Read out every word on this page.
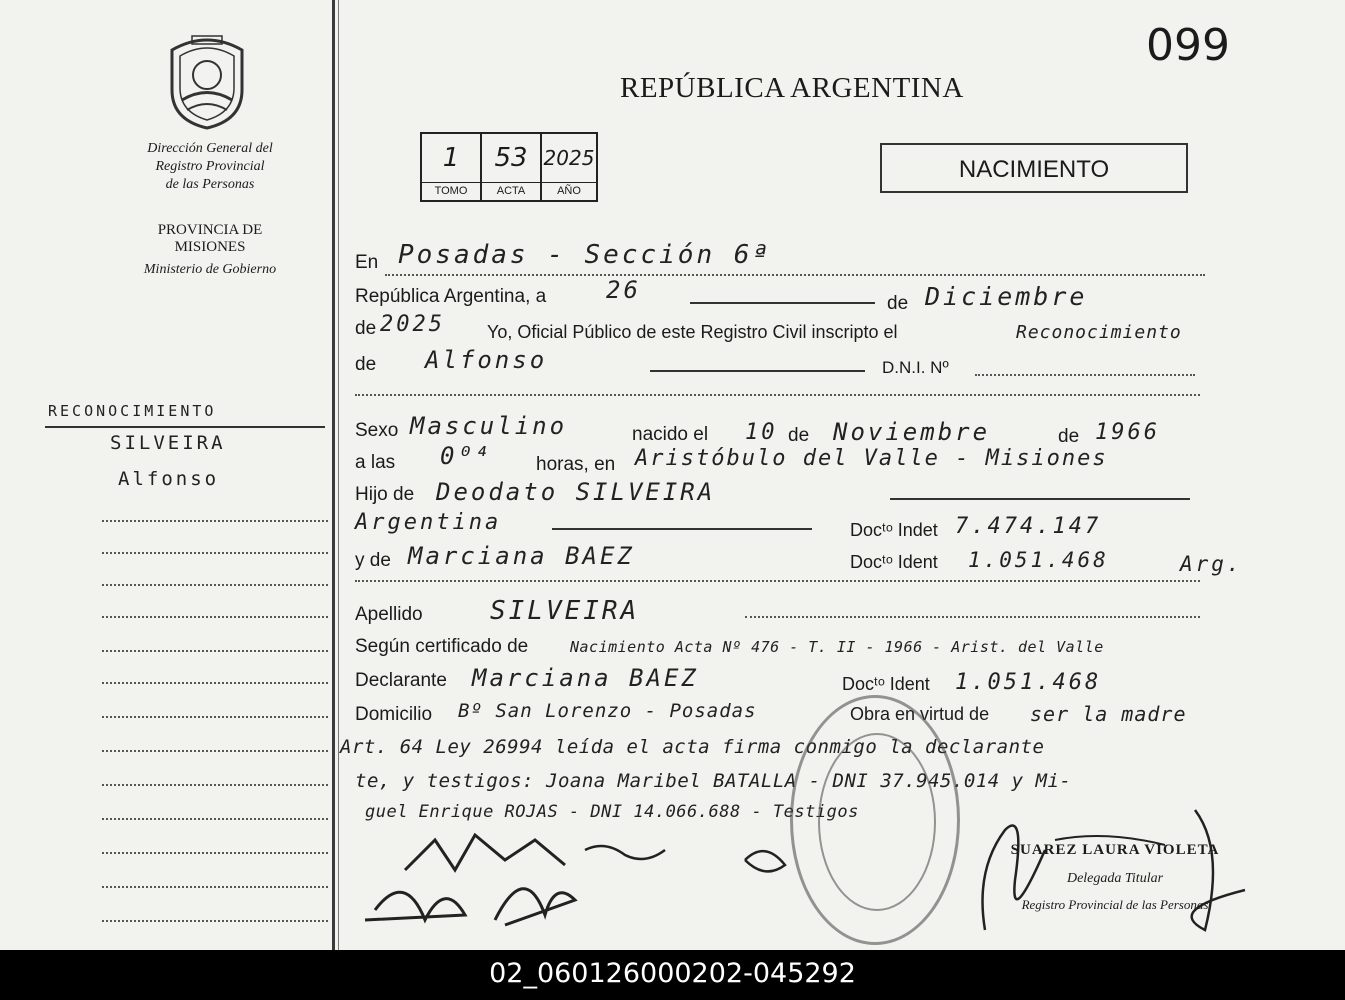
099
REPÚBLICA ARGENTINA
NACIMIENTO
1
TOMO
53
ACTA
2025
AÑO
Dirección General del
Registro Provincial
de las Personas
PROVINCIA DE
MISIONES
Ministerio de Gobierno
RECONOCIMIENTO
SILVEIRA
Alfonso
En Posadas - Sección 6ª
República Argentina, a 26	de Diciembre
de 2025 Yo, Oficial Público de este Registro Civil inscripto el	Reconocimiento
de Alfonso	D.N.I. Nº
Sexo Masculino	nacido el 10 de Noviembre	de 1966
a las 0⁰⁴ horas, en Aristóbulo del Valle - Misiones
Hijo de Deodato SILVEIRA
Argentina	Docᵗᵒ Indet 7.474.147
y de Marciana BAEZ	Docᵗᵒ Ident 1.051.468	Arg.
Apellido	SILVEIRA
Según certificado de	Nacimiento Acta Nº 476 - T. II - 1966 - Arist. del Valle
Declarante Marciana BAEZ	Docᵗᵒ Ident 1.051.468
Domicilio Bº San Lorenzo - Posadas	Obra en virtud de ser la madre
Art. 64 Ley 26994 leída el acta firma conmigo la declarante
te, y testigos: Joana Maribel BATALLA - DNI 37.945.014 y Mi-
guel Enrique ROJAS - DNI 14.066.688 - Testigos
SUAREZ LAURA VIOLETA
Delegada Titular
Registro Provincial de las Personas
02_060126000202-045292
